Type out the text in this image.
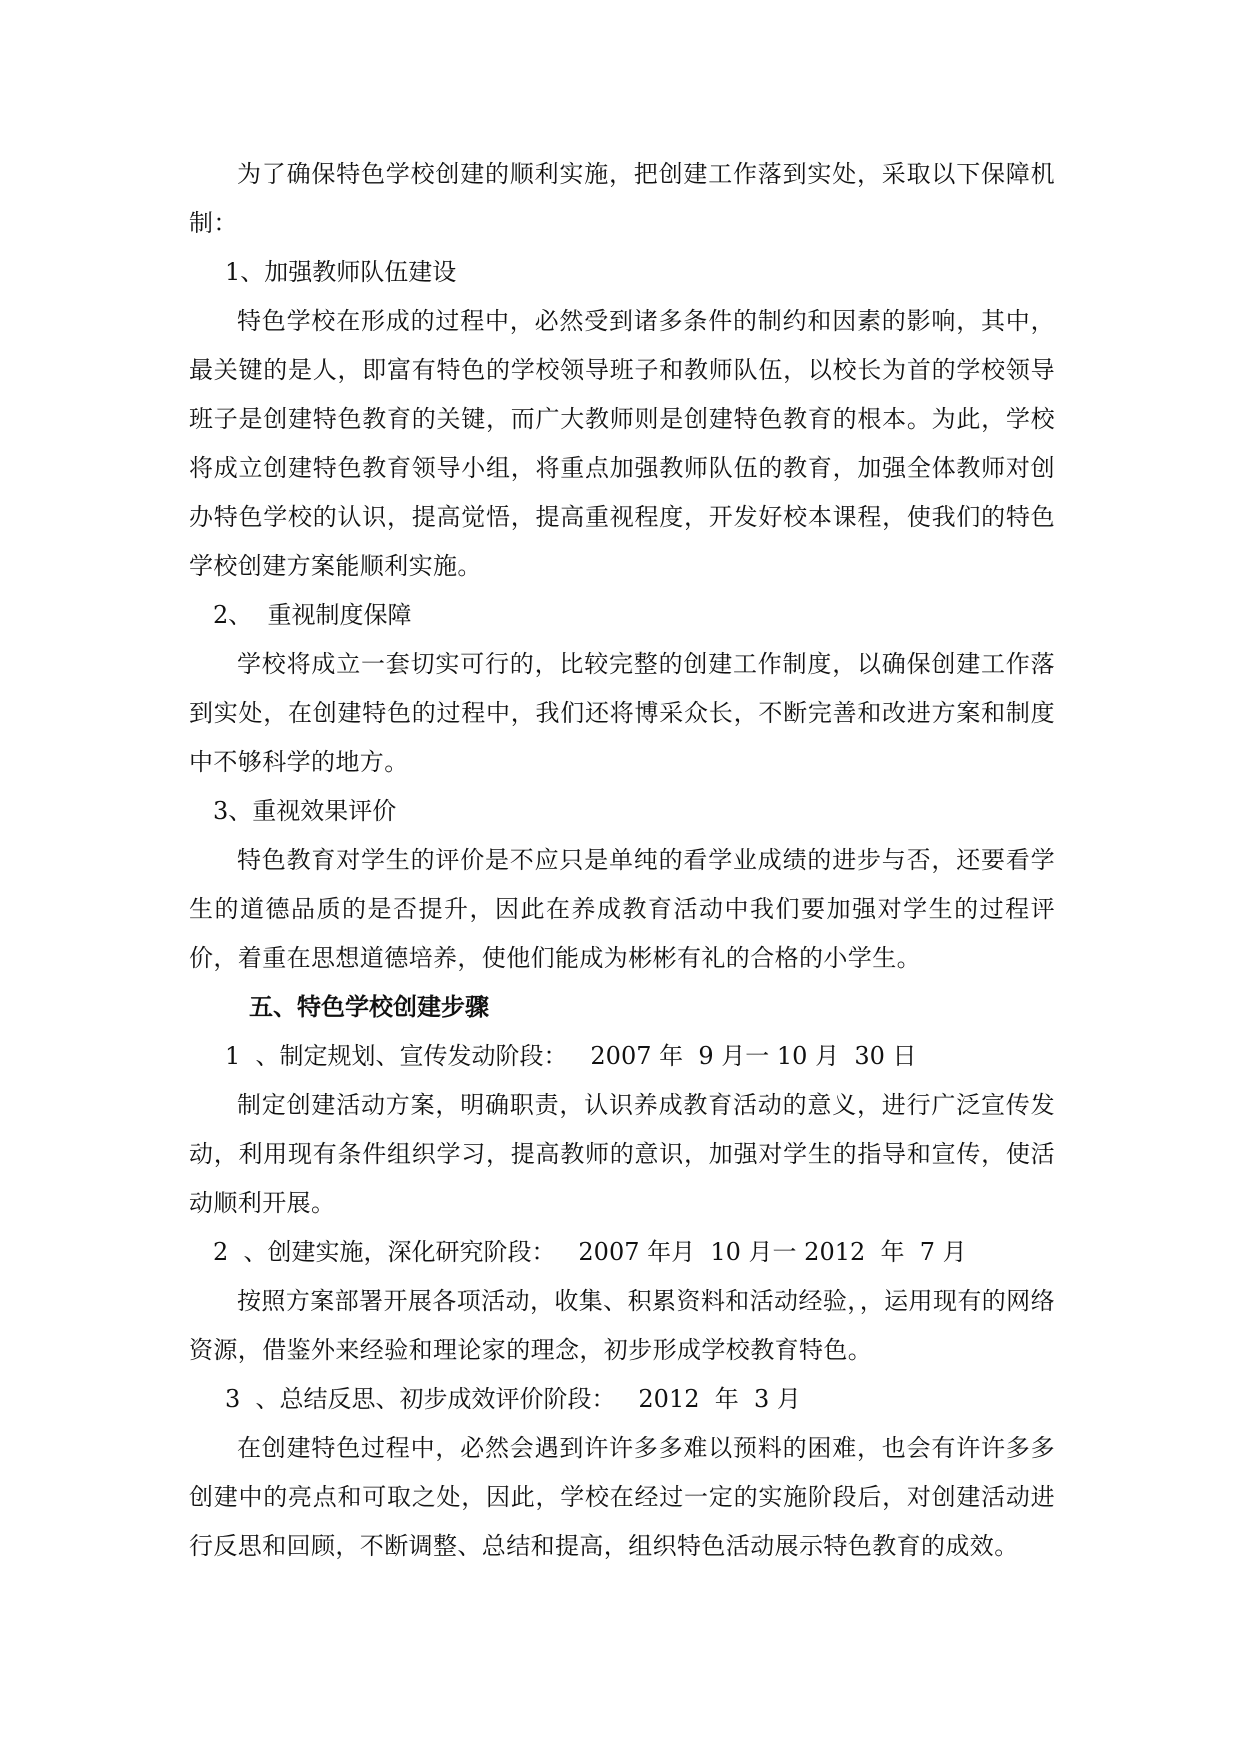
为了确保特色学校创建的顺利实施，把创建工作落到实处，采取以下保障机制：

1、加强教师队伍建设

特色学校在形成的过程中，必然受到诸多条件的制约和因素的影响，其中，最关键的是人，即富有特色的学校领导班子和教师队伍，以校长为首的学校领导班子是创建特色教育的关键，而广大教师则是创建特色教育的根本。为此，学校将成立创建特色教育领导小组，将重点加强教师队伍的教育，加强全体教师对创办特色学校的认识，提高觉悟，提高重视程度，开发好校本课程，使我们的特色学校创建方案能顺利实施。

2、  重视制度保障

学校将成立一套切实可行的，比较完整的创建工作制度，以确保创建工作落到实处，在创建特色的过程中，我们还将博采众长，不断完善和改进方案和制度中不够科学的地方。

3、重视效果评价

特色教育对学生的评价是不应只是单纯的看学业成绩的进步与否，还要看学生的道德品质的是否提升，因此在养成教育活动中我们要加强对学生的过程评价，着重在思想道德培养，使他们能成为彬彬有礼的合格的小学生。

五、特色学校创建步骤

1  、制定规划、宣传发动阶段：   2007 年  9 月一 10 月  30 日

制定创建活动方案，明确职责，认识养成教育活动的意义，进行广泛宣传发动，利用现有条件组织学习，提高教师的意识，加强对学生的指导和宣传，使活动顺利开展。

2  、创建实施，深化研究阶段：   2007 年月  10 月一 2012  年  7 月

按照方案部署开展各项活动，收集、积累资料和活动经验，，运用现有的网络资源，借鉴外来经验和理论家的理念，初步形成学校教育特色。

3  、总结反思、初步成效评价阶段：   2012  年  3 月

在创建特色过程中，必然会遇到许许多多难以预料的困难，也会有许许多多创建中的亮点和可取之处，因此，学校在经过一定的实施阶段后，对创建活动进行反思和回顾，不断调整、总结和提高，组织特色活动展示特色教育的成效。
